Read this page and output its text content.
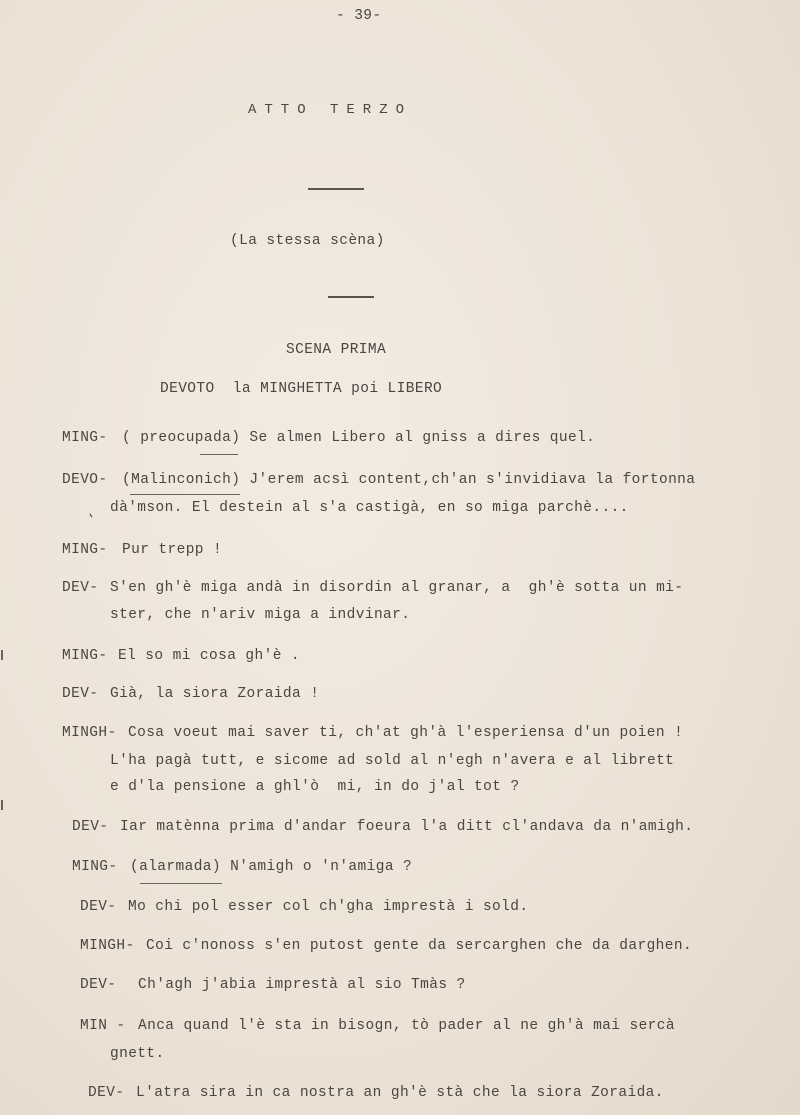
- 39-
ATTO TERZO
(La stessa scèna)
SCENA PRIMA
DEVOTO  la MINGHETTA poi LIBERO
MING- ( preocupada) Se almen Libero al gniss a dires quel.
DEVO- (Malinconich) J'erem acsì content,ch'an s'invidiava la fortonna
dà'mson. El destein al s'a castigà, en so miga parchè....
MING- Pur trepp !
DEV- S'en gh'è miga andà in disordin al granar, a  gh'è sotta un mi-
ster, che n'ariv miga a indvinar.
MING- El so mi cosa gh'è .
DEV- Già, la siora Zoraida !
MINGH- Cosa voeut mai saver ti, ch'at gh'à l'esperiensa d'un poien !
L'ha pagà tutt, e sicome ad sold al n'egh n'avera e al librett
e d'la pensione a ghl'ò  mi, in do j'al tot ?
DEV- Iar matènna prima d'andar foeura l'a ditt cl'andava da n'amigh.
MING- (alarmada) N'amigh o 'n'amiga ?
DEV- Mo chi pol esser col ch'gha imprestà i sold.
MINGH- Coi c'nonoss s'en putost gente da sercarghen che da darghen.
DEV- Ch'agh j'abia imprestà al sio Tmàs ?
MIN - Anca quand l'è sta in bisogn, tò pader al ne gh'à mai sercà
gnett.
DEV- L'atra sira in ca nostra an gh'è stà che la siora Zoraida.
